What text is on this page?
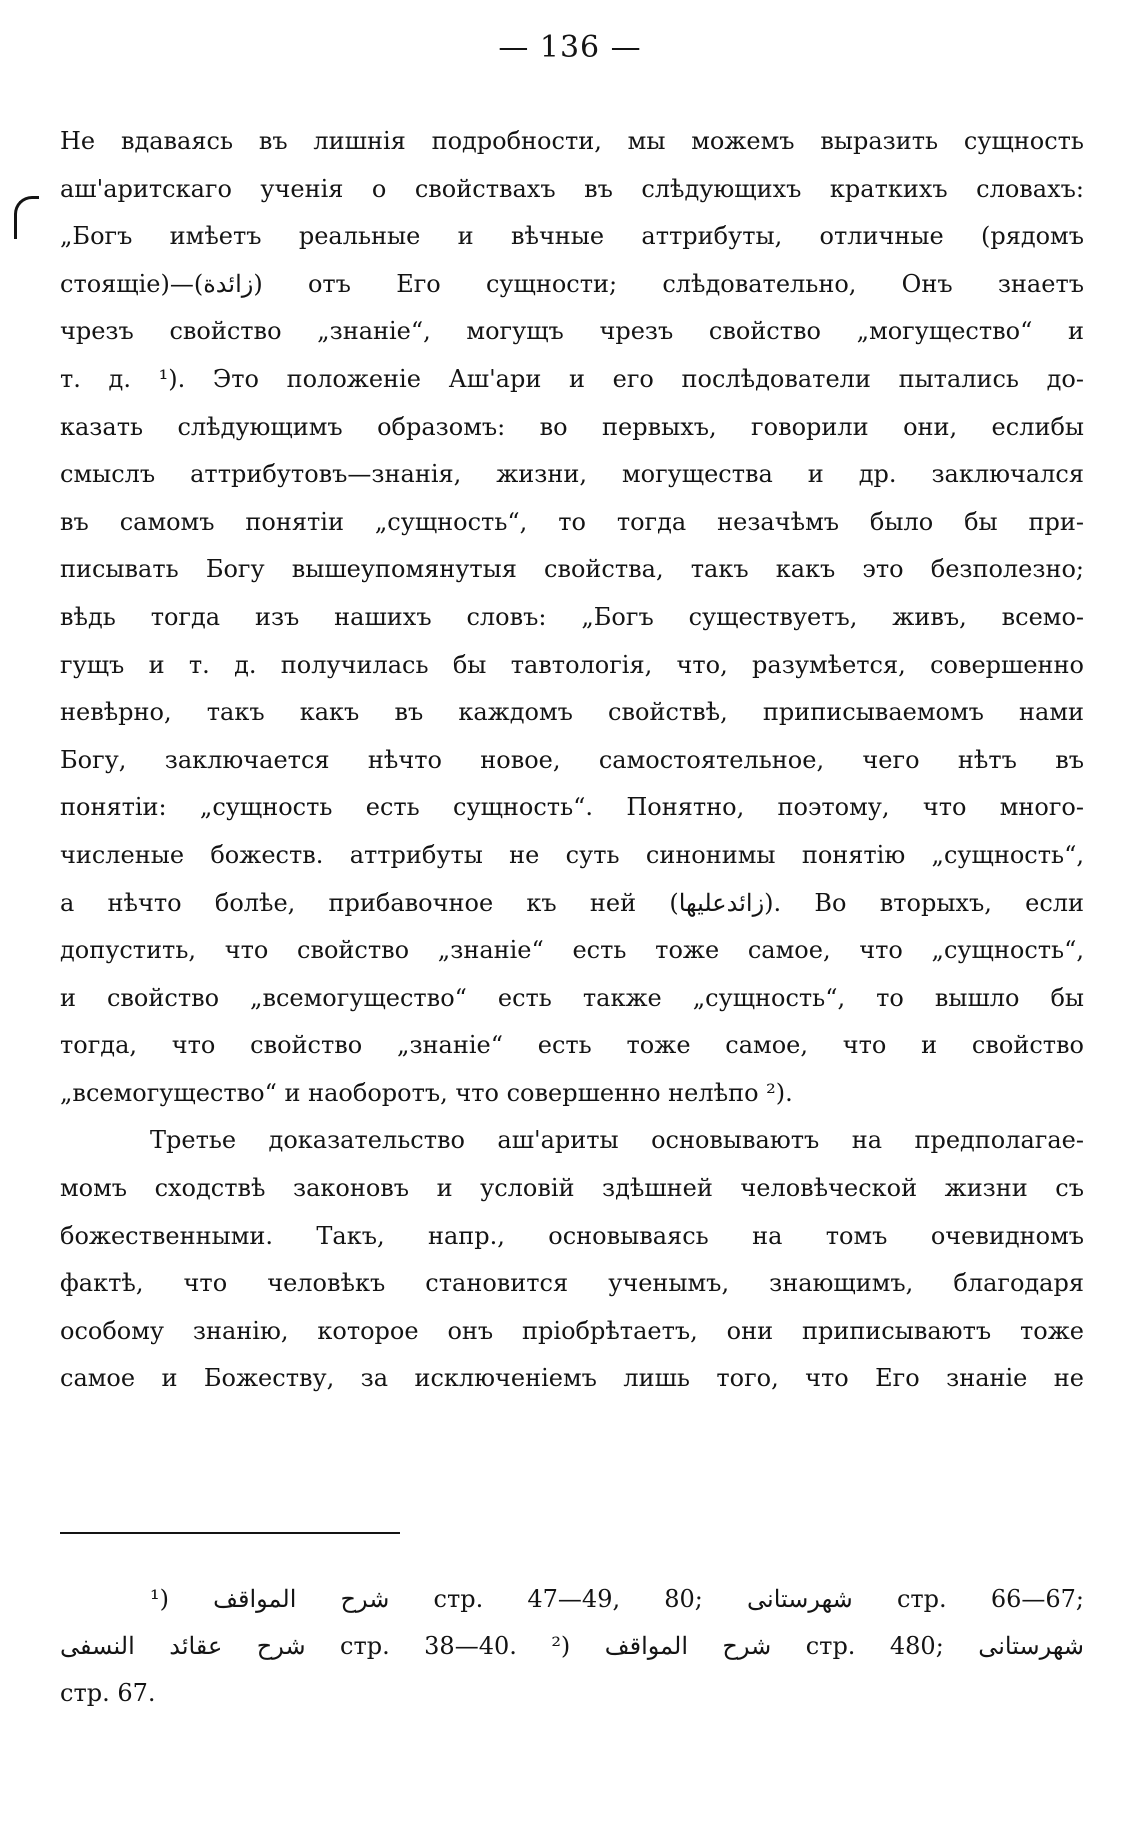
— 136 —
Не вдаваясь въ лишнія подробности, мы можемъ выразить сущность
аш'аритскаго ученія о свойствахъ въ слѣдующихъ краткихъ словахъ:
„Богъ имѣетъ реальные и вѣчные аттрибуты, отличные (рядомъ
стоящіе)—(زائدة) отъ Его сущности; слѣдовательно, Онъ знаетъ
чрезъ свойство „знаніе“, могущъ чрезъ свойство „могущество“ и
т. д. ¹). Это положеніе Аш'ари и его послѣдователи пытались до-
казать слѣдующимъ образомъ: во первыхъ, говорили они, еслибы
смыслъ аттрибутовъ—знанія, жизни, могущества и др. заключался
въ самомъ понятіи „сущность“, то тогда незачѣмъ было бы при-
писывать Богу вышеупомянутыя свойства, такъ какъ это безполезно;
вѣдь тогда изъ нашихъ словъ: „Богъ существуетъ, живъ, всемо-
гущъ и т. д. получилась бы тавтологія, что, разумѣется, совершенно
невѣрно, такъ какъ въ каждомъ свойствѣ, приписываемомъ нами
Богу, заключается нѣчто новое, самостоятельное, чего нѣтъ въ
понятіи: „сущность есть сущность“. Понятно, поэтому, что много-
численые божеств. аттрибуты не суть синонимы понятію „сущность“,
а нѣчто болѣе, прибавочное къ ней (زائدعليها). Во вторыхъ, если
допустить, что свойство „знаніе“ есть тоже самое, что „сущность“,
и свойство „всемогущество“ есть также „сущность“, то вышло бы
тогда, что свойство „знаніе“ есть тоже самое, что и свойство
„всемогущество“ и наоборотъ, что совершенно нелѣпо ²).
Третье доказательство аш'ариты основываютъ на предполагае-
момъ сходствѣ законовъ и условій здѣшней человѣческой жизни съ
божественными. Такъ, напр., основываясь на томъ очевидномъ
фактѣ, что человѣкъ становится ученымъ, знающимъ, благодаря
особому знанію, которое онъ пріобрѣтаетъ, они приписываютъ тоже
самое и Божеству, за исключеніемъ лишь того, что Его знаніе не
¹) شرح المواقف стр. 47—49, 80; شهرستانى стр. 66—67;
شرح عقائد النسفى стр. 38—40. ²) شرح المواقف стр. 480; شهرستانى
стр. 67.
